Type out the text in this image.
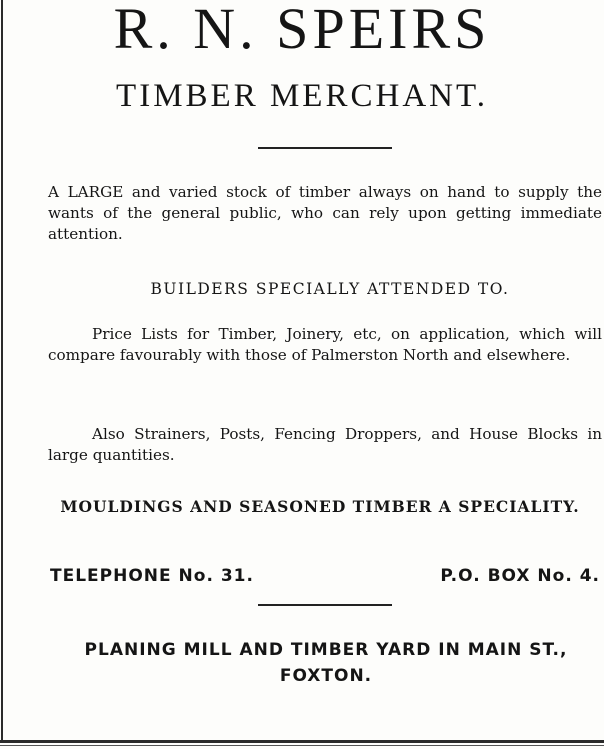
R. N. SPEIRS
TIMBER MERCHANT.
A LARGE and varied stock of timber always on hand to supply the wants of the general public, who can rely upon getting immediate attention.
BUILDERS SPECIALLY ATTENDED TO.
Price Lists for Timber, Joinery, etc, on application, which will compare favourably with those of Palmerston North and elsewhere.
Also Strainers, Posts, Fencing Droppers, and House Blocks in large quantities.
MOULDINGS AND SEASONED TIMBER A SPECIALITY.
TELEPHONE No. 31.	P.O. BOX No. 4.
PLANING MILL AND TIMBER YARD IN MAIN ST., FOXTON.
